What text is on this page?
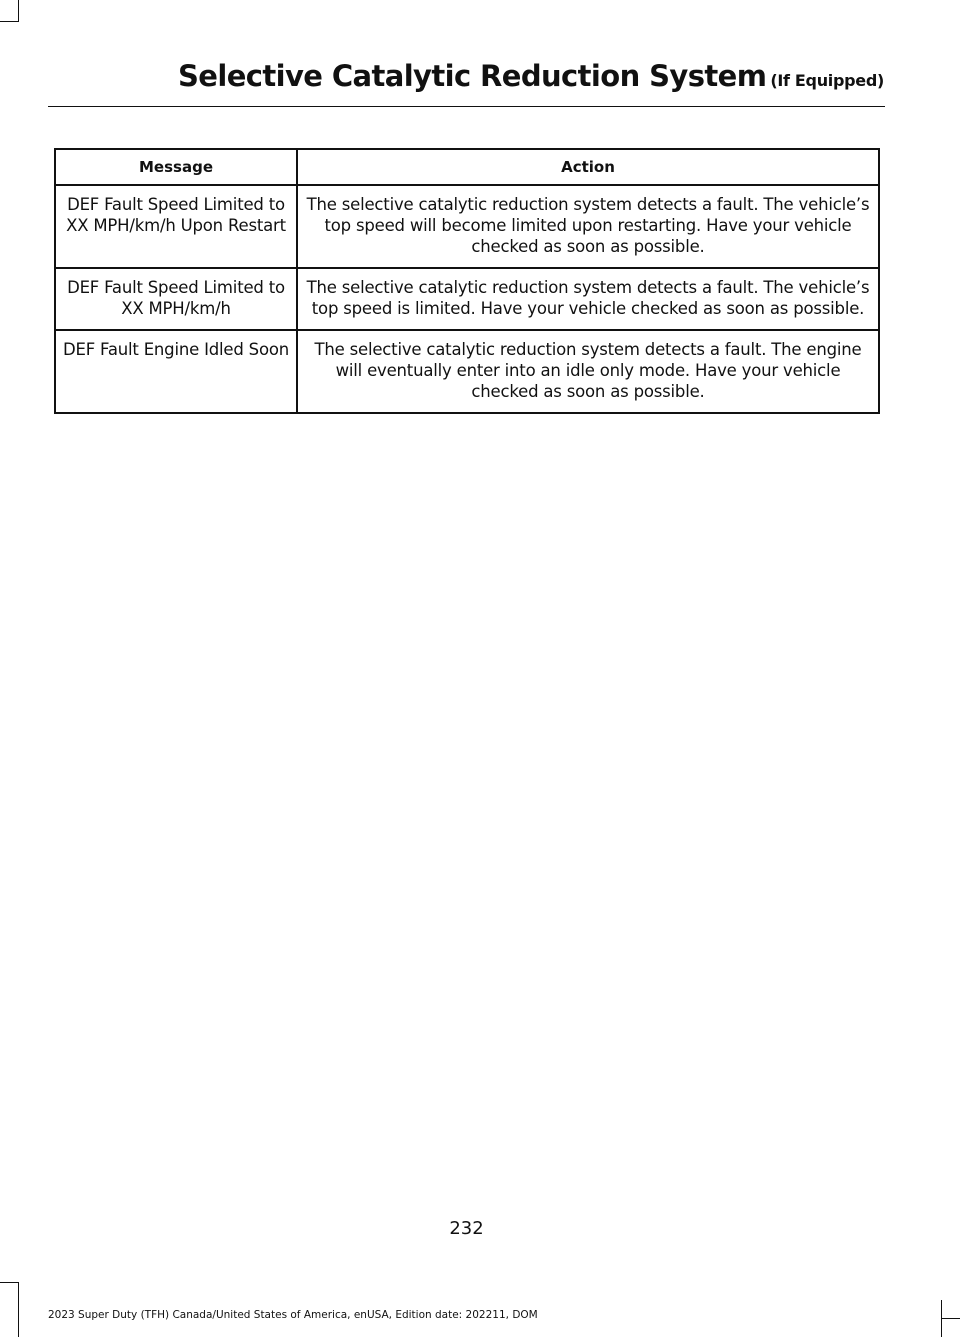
Selective Catalytic Reduction System (If Equipped)
Message	Action
DEF Fault Speed Limited to XX MPH/km/h Upon Restart	The selective catalytic reduction system detects a fault. The vehicle’s top speed will become limited upon restarting. Have your vehicle checked as soon as possible.
DEF Fault Speed Limited to XX MPH/km/h	The selective catalytic reduction system detects a fault. The vehicle’s top speed is limited. Have your vehicle checked as soon as possible.
DEF Fault Engine Idled Soon	The selective catalytic reduction system detects a fault. The engine will eventually enter into an idle only mode. Have your vehicle checked as soon as possible.
232
2023 Super Duty (TFH) Canada/United States of America, enUSA, Edition date: 202211, DOM
